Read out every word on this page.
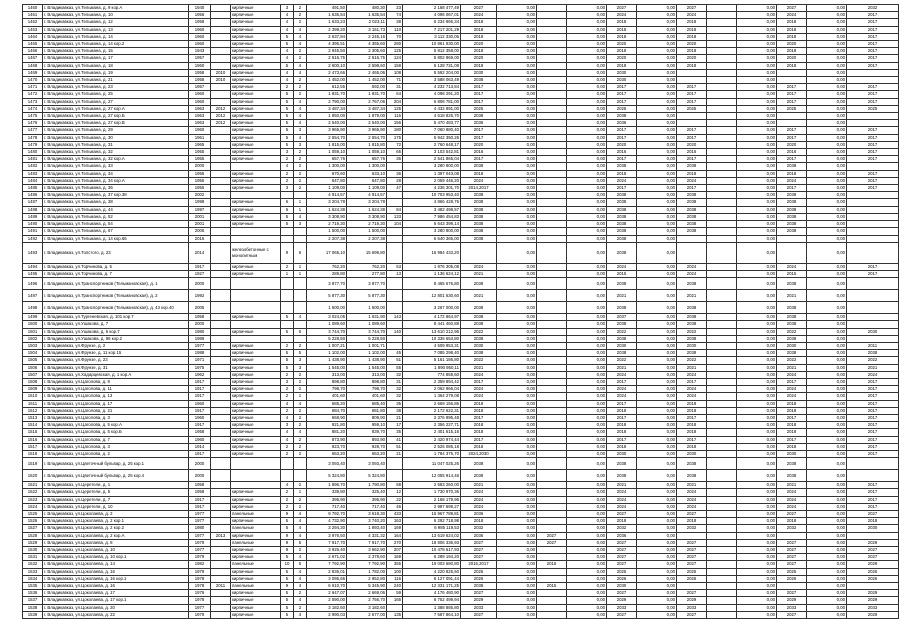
1460	г. Владикавказ, ул.Тельмана, д. 9 кор.А	1940		кирпичные	3	2	491,50	480,30	23	2 168 477,49	2027	0,00		0,00	2027	0,00	2027		0,00	2027	0,00	2032
1461	г. Владикавказ, ул.Тельмана, д. 10	1956		кирпичные	4	2	1 635,54	1 635,54	74	4 096 067,01	2024	0,00		0,00	2024	0,00	2024		0,00	2024	0,00	2017
1462	г. Владикавказ, ул.Тельмана, д. 12	1958		кирпичные	4	2	1 633,23	2 023,11	38	5 234 966,34	2018	0,00		0,00	2018	0,00	2018		0,00	2018	0,00	2017
1463	г. Владикавказ, ул.Тельмана, д. 13	1960		кирпичные	4	4	2 399,20	3 151,73	110	7 217 201,29	2018	0,00		0,00	2018	0,00	2018		0,00	2018	0,00	2017
1464	г. Владикавказ, ул.Тельмана, д. 14	1960		кирпичные	5	4	2 637,84	2 245,16	70	3 112 330,06	2018	0,00		0,00	2018	0,00	2018		0,00	2018	0,00	2017
1465	г. Владикавказ, ул.Тельмана, д. 14 кор.2	1960		кирпичные	5	4	4 395,51	4 355,60	280	10 861 930,00	2020	0,00		0,00	2020	0,00	2020		0,00	2020	0,00	2017
1466	г. Владикавказ, ул.Тельмана, д. 15	1943		кирпичные	4	2	2 945,50	2 305,60	125	5 812 358,00	2018	0,00		0,00	2018	0,00	2018		0,00	2018	0,00	2017
1467	г. Владикавказ, ул.Тельмана, д. 17	1957		кирпичные	4	2	2 516,75	2 516,75	124	5 802 869,00	2020	0,00		0,00	2020	0,00	2020		0,00	2020	0,00	2017
1468	г. Владикавказ, ул.Тельмана, д. 18	1960		кирпичные	5	4	2 600,10	2 598,60	158	6 128 731,08	2018	0,00		0,00	2018	0,00	2018		0,00	2018	0,00	2017
1469	г. Владикавказ, ул.Тельмана, д. 19	1958	2010	кирпичные	4	4	2 473,66	2 465,06	108	5 592 204,00	2030	0,00		0,00	2030	0,00			0,00		0,00	
1470	г. Владикавказ, ул.Тельмана, д. 21	1958	2010	кирпичные	4	2	1 452,00	1 452,00	71	3 588 063,49	2038	0,00		0,00	2030	0,00			0,00		0,00	
1471	г. Владикавказ, ул.Тельмана, д. 23	1957		кирпичные	2	2	612,55	592,00	31	4 232 713,84	2017	0,00		0,00	2017	0,00	2017		0,00	2017	0,00	2017
1472	г. Владикавказ, ул.Тельмана, д. 25	1960		кирпичные	5	2	1 831,70	1 831,70	64	4 098 291,20	2017	0,00		0,00	2017	0,00	2017		0,00	2017	0,00	2017
1473	г. Владикавказ, ул.Тельмана, д. 27	1960		кирпичные	5	4	2 790,00	2 767,06	204	6 808 781,00	2017	0,00		0,00	2017	0,00	2017		0,00	2017	0,00	2017
1474	г. Владикавказ, ул.Тельмана, д. 27 кор.А	1963	2012	кирпичные	5	4	3 487,34	3 487,34	125	4 432 891,00	2025	0,00		0,00	2025	0,00	2025		0,00	2025	0,00	2025
1475	г. Владикавказ, ул.Тельмана, д. 27 кор.Б	1963	2012	кирпичные	5	4	1 850,00	1 879,00	116	4 618 825,70	2038	0,00		0,00	2038	0,00			0,00		0,00	
1476	г. Владикавказ, ул.Тельмана, д. 27 кор.В	1963	2012	кирпичные	5	4	2 540,00	2 540,00	156	5 470 483,77	2036	0,00		0,00	2036	0,00			0,00		0,00	
1477	г. Владикавказ, ул.Тельмана, д. 29	1960		кирпичные	5	3	3 965,90	3 965,90	180	7 060 880,40	2017	0,00		0,00	2017	0,00	2017		0,00	2017	0,00	2017
1478	г. Владикавказ, ул.Тельмана, д. 30	1961		кирпичные	5	4	2 554,70	2 554,70	175	5 942 350,26	2017	0,00		0,00	2017	0,00	2017		0,00	2017	0,00	2017
1479	г. Владикавказ, ул.Тельмана, д. 31	1965		кирпичные	5	3	1 815,00	1 815,80	72	2 760 648,17	2020	0,00		0,00	2020	0,00	2020		0,00	2020	0,00	2017
1480	г. Владикавказ, ул.Тельмана, д. 32	1955		кирпичные	3	2	1 059,10	1 059,10	65	3 103 542,81	2016	0,00		0,00	2016	0,00	2016		0,00	2016	0,00	2017
1481	г. Владикавказ, ул.Тельмана, д. 32 кор.А	1955		кирпичные	2	2	657,76	657,76	36	2 541 865,04	2017	0,00		0,00	2017	0,00	2017		0,00	2017	0,00	2017
1482	г. Владикавказ, ул.Тельмана, д. 33	2000			4	2	1 300,00	1 300,00		3 280 800,00	2038	0,00		0,00	2038	0,00	2038		0,00	2038	0,00	
1483	г. Владикавказ, ул.Тельмана, д. 34	1955		кирпичные	2	2	670,60	633,10	36	1 397 043,08	2018	0,00		0,00	2018	0,00	2018		0,00	2018	0,00	2017
1484	г. Владикавказ, ул.Тельмана, д. 34 кор.А	1955		кирпичные	2	2	647,80	647,80	28	2 059 446,20	2024	0,00		0,00	2024	0,00	2024		0,00	2024	0,00	2017
1485	г. Владикавказ, ул.Тельмана, д. 36	1955		кирпичные	3	2	1 109,00	1 109,00	47	4 236 301,70	2014,2017	0,00		0,00	2017	0,00	2017		0,00	2017	0,00	2017
1486	г. Владикавказ, ул.Тельмана, д. 37 кор.38	2002					4 914,57	4 914,57		10 703 953,40	2038	0,00		0,00	2038	0,00	2038		0,00	2038	0,00	
1487	г. Владикавказ, ул.Тельмана, д. 38	1998		кирпичные	6	1	3 204,78	3 204,78		4 866 428,76	2038	0,00		0,00	2038	0,00	2038		0,00	2038	0,00	
1488	г. Владикавказ, ул.Тельмана, д. 44	1997		кирпичные	6	1	1 624,38	1 624,38	84	3 482 498,57	2038	0,00		0,00	2038	0,00	2038		0,00	2038	0,00	
1489	г. Владикавказ, ул.Тельмана, д. 52	2001		кирпичные	5	4	3 308,90	3 308,90	133	7 986 454,83	2038	0,00		0,00	2038	0,00	2038		0,00	2038	0,00	
1490	г. Владикавказ, ул.Тельмана, д. 54	2001		кирпичные	5	3	2 719,30	2 719,30	104	6 643 399,14	2038	0,00		0,00	2038	0,00	2038		0,00	2038	0,00	
1491	г. Владикавказ, ул.Тельмана, д. 67	2006					1 500,00	1 500,00		3 280 800,00	2038	0,00		0,00	2038	0,00	2038		0,00	2038	0,00	
1492	г. Владикавказ, ул.Тельмана, д. 14 кор.66	2016					2 207,38	2 207,38		6 640 366,00	2038	0,00		0,00	2038	0,00			0,00		0,00	
1493	г. Владикавказ, ул.Толстого, д. 23	2014		железобетонные с монолитным	9	6	17 065,10	15 699,80		15 984 433,20		0,00		0,00	2038	0,00			0,00		0,00	
1494	г. Владикавказ, ул.Торчинова, д. 5	1917		кирпичные	2	1	762,20	762,20	53	1 976 305,08	2024	0,00		0,00	2024	0,00	2024		0,00	2024	0,00	2017
1495	г. Владикавказ, ул.Торчинова, д. 7	1927		кирпичные	1	1	289,80	277,80	13	1 136 624,12	2021	0,00		0,00	2015	0,00	2024		0,00	2015	0,00	2017
1496	г. Владикавказ, ул.Транспортников (Тельмановская), д. 1	2000					3 877,70	3 877,70		8 465 676,80	2038	0,00		0,00	2038	0,00	2038		0,00	2038	0,00	
1497	г. Владикавказ, ул.Транспортников (Тельмановская), д. 2	1992					5 877,30	5 877,30		12 801 630,60	2021	0,00		0,00	2021	0,00	2021		0,00	2021	0,00	
1498	г. Владикавказ, ул.Транспортников (Тельмановская), д. 43 кор.40	2005					1 500,00	1 500,00		3 267 000,00	2038	0,00		0,00	2038	0,00	2038		0,00	2038	0,00	
1499	г. Владикавказ, ул.Тургеневская, д. 101 кор.7	1958		кирпичные	5	4	3 024,05	1 631,90	143	4 172 864,97	2038	0,00		0,00	2037	0,00	2038		0,00	2038	0,00	
1500	г. Владикавказ, ул.Ушакова, д. 7	2000					1 089,60	1 089,60		8 441 460,88	2038	0,00		0,00	2038	0,00	2038		0,00	2038	0,00	
1501	г. Владикавказ, ул.Ушакова, д. 6 кор.7	1980		кирпичные	5	6	3 744,70	3 744,70	140	13 610 212,96	2022	0,00		0,00	2022	0,00	2022		0,00	2022	0,00	2030
1502	г. Владикавказ, ул.Ушакова, д. 96 кор.2	1989					5 228,50	5 228,50		10 336 653,80	2038	0,00		0,00	2038	0,00	2038		0,00	2038	0,00	
1503	г. Владикавказ, ул.Фрунзе, д. 2	1977		кирпичные	2	2	1 007,21	1 001,71		4 509 953,31	2030	0,00		0,00	2030	0,00	2030		0,00	2030	0,00	2011
1504	г. Владикавказ, ул.Фрунзе, д. 11 кор.15	1988		кирпичные	5	5	1 102,00	1 102,00	45	7 085 298,40	2038	0,00		0,00	2038	0,00	2038		0,00	2038	0,00	2038
1505	г. Владикавказ, ул.Фрунзе, д. 23	1971		кирпичные	5	3	1 438,90	1 438,90	51	5 161 186,80	2022	0,00		0,00	2022	0,00	2022		0,00	2022	0,00	2022
1506	г. Владикавказ, ул.Фрунзе, д. 31	1975		кирпичные	5	3	1 545,00	1 545,00	55	1 890 950,11	2021	0,00		0,00	2021	0,00	2021		0,00	2021	0,00	2021
1507	г. Владикавказ, ул.Хадарцевская, д. 1 кор.А	1962		кирпичные	2	2	313,00	313,00	32	774 859,60	2024	0,00		0,00	2024	0,00	2024		0,00	2024	0,00	2024
1508	г. Владикавказ, ул.Цаголова, д. 9	1917		кирпичные	3	2	898,80	898,80	31	2 359 894,42	2017	0,00		0,00	2017	0,00	2017		0,00	2017	0,00	2017
1509	г. Владикавказ, ул.Цаголова, д. 11	1917		кирпичные	2	2	798,70	798,70	32	2 062 966,04	2024	0,00		0,00	2024	0,00	2024		0,00	2024	0,00	2017
1510	г. Владикавказ, ул.Цаголова, д. 13	1917		кирпичные	2	1	401,60	401,60	32	1 364 279,08	2024	0,00		0,00	2024	0,00	2024		0,00	2024	0,00	2017
1511	г. Владикавказ, ул.Цаголова, д. 17	1960		кирпичные	4	4	685,20	685,40	35	2 669 156,86	2018	0,00		0,00	2017	0,00	2018		0,00	2018	0,00	2017
1512	г. Владикавказ, ул.Цаголова, д. 21	1917		кирпичные	2	2	684,70	681,80	38	2 172 622,31	2018	0,00		0,00	2018	0,00	2018		0,00	2018	0,00	2017
1513	г. Владикавказ, ул.Цаголова, д. 3	1960		кирпичные	4	2	668,90	809,90	21	2 376 995,48	2017	0,00		0,00	2017	0,00	2017		0,00	2017	0,00	2017
1514	г. Владикавказ, ул.Цаголова, д. 5 кор.А	1917		кирпичные	3	2	921,80	959,10	17	2 356 227,71	2018	0,00		0,00	2018	0,00	2018		0,00	2018	0,00	2017
1515	г. Владикавказ, ул.Цаголова, д. 5 кор.Б	1958		кирпичные	4	4	881,20	839,70	35	2 401 615,16	2018	0,00		0,00	2018	0,00	2018		0,00	2018	0,00	2017
1516	г. Владикавказ, ул.Цаголова, д. 7	1960		кирпичные	4	2	873,90	893,90	41	2 420 974,44	2017	0,00		0,00	2017	0,00	2017		0,00	2017	0,00	2017
1517	г. Владикавказ, ул.Цаголова, д. 3	1914		кирпичные	2	2	923,70	928,70	51	2 525 085,18	2018	0,00		0,00	2018	0,00	2018		0,00	2018	0,00	2017
1518	г. Владикавказ, ул.Цаголова, д. 2	1917		кирпичные	2	2	653,20	653,20	21	1 784 375,70	2024,2030	0,00		0,00	2030	0,00	2030		0,00	2030	0,00	2017
1519	г. Владикавказ, ул.Цветочный бульвар, д. 25 кор.1	2000					3 093,40	3 093,40		11 047 025,26	2038	0,00		0,00	2038	0,00	2038		0,00	2038	0,00	
1520	г. Владикавказ, ул.Цветочный бульвар, д. 25 кор.4	2000					5 324,80	5 324,80		12 055 914,46	2038	0,00		0,00	2038	0,00	2038		0,00	2038	0,00	
1521	г. Владикавказ, ул.Церетели, д. 1	1958			4	2	1 896,70	1 790,80	58	2 583 260,00	2021	0,00		0,00	2021	0,00	2021		0,00	2021	0,00	2017
1522	г. Владикавказ, ул.Церетели, д. 5	1958		кирпичные	2	1	339,80	325,40	12	1 730 970,36	2024	0,00		0,00	2024	0,00	2024		0,00	2024	0,00	2017
1523	г. Владикавказ, ул.Церетели, д. 7	1917		кирпичные	2	2	395,90	395,90	22	2 168 179,96	2024	0,00		0,00	2024	0,00	2024		0,00	2024	0,00	2017
1524	г. Владикавказ, ул.Церетели, д. 10	1917		кирпичные	2	2	717,40	717,40	46	2 987 699,27	2024	0,00		0,00	2024	0,00	2024		0,00	2024	0,00	2017
1525	г. Владикавказ, ул.Цоколаева, д. 2	1977		панельные	9	4	9 792,70	3 618,30	433	15 967 789,81	2036	0,00		0,00	2027	0,00	2027		0,00	2027	0,00	2027
1526	г. Владикавказ, ул.Цоколаева, д. 2 кор.1	1977		кирпичные	5	4	4 732,90	3 740,20	163	6 292 718,98	2018	0,00		0,00	2018	0,00	2018		0,00	2018	0,00	2018
1527	г. Владикавказ, ул.Цоколаева, д. 2 кор.2	1980		панельные	5	4	3 294,30	1 893,40	169	6 985 119,53	2032	0,00		0,00	2032	0,00	2032		0,00	2032	0,00	2030
1528	г. Владикавказ, ул.Цоколаева, д. 2 кор.А	1977	2013	кирпичные	9	4	3 976,50	4 331,32	164	13 619 624,02	2036	0,00	2027	0,00	2036	0,00			0,00		0,00	
1529	г. Владикавказ, ул.Цоколаева, д. 8	1979		панельные	9	5	7 917,70	7 917,70	270	18 806 336,93	2027	0,00	2027	0,00	2027	0,00	2027		0,00	2027	0,00	2029
1530	г. Владикавказ, ул.Цоколаева, д. 10	1977		кирпичные	9	2	3 926,40	3 662,90	207	10 478 617,93	2027	0,00		0,00	2027	0,00	2027		0,00	2027	0,00	2027
1531	г. Владикавказ, ул.Цоколаева, д. 10 кор.1	1979		кирпичные	5	4	2 671,02	2 378,60	169	6 289 194,20	2027	0,00		0,00	2027	0,00	2027		0,00	2027	0,00	2027
1532	г. Владикавказ, ул.Цоколаева, д. 14	1982		панельные	10	5	7 792,90	7 792,90	355	19 003 680,80	2016,2017	0,00	2016	0,00	2027	0,00	2027		0,00	2027	0,00	2029
1533	г. Владикавказ, ул.Цоколаева, д. 16	1979		кирпичные	5	4	2 836,01	1 782,00	100	4 220 825,50	2025	0,00		0,00	2025	0,00	2025		0,00	2025	0,00	2025
1534	г. Владикавказ, ул.Цоколаева, д. 16 кор.1	1978		кирпичные	5	4	3 095,65	2 952,80	116	6 127 091,44	2026	0,00		0,00	2026	0,00	2026		0,00	2026	0,00	2026
1535	г. Владикавказ, ул.Цоколаева, д. 16	1978	2011	панельные	9	4	6 610,70	5 345,90	240	12 331 171,25	2038	0,00	2015	0,00	2030	0,00			0,00		0,00	
1536	г. Владикавказ, ул.Цоколаева, д. 17	1976		кирпичные	5	2	2 647,07	2 669,06	59	4 176 480,90	2027	0,00		0,00	2027	0,00	2027		0,00	2027	0,00	2029
1537	г. Владикавказ, ул.Цоколаева, д. 17 кор.1	1978		кирпичные	5	4	2 590,00	2 756,70	165	6 752 499,94	2029	0,00		0,00	2029	0,00	2029		0,00	2029	0,00	2029
1538	г. Владикавказ, ул.Цоколаева, д. 20	1977		кирпичные	5	2	3 182,60	3 182,60		1 388 885,80	2033	0,00		0,00	2033	0,00	2033		0,00	2033	0,00	2033
1539	г. Владикавказ, ул.Цоколаева, д. 22	1979		кирпичные	5	4	2 990,03	2 677,00	135	7 587 864,10	2027	0,00		0,00	2027	0,00	2027		0,00	2027	0,00	2029
